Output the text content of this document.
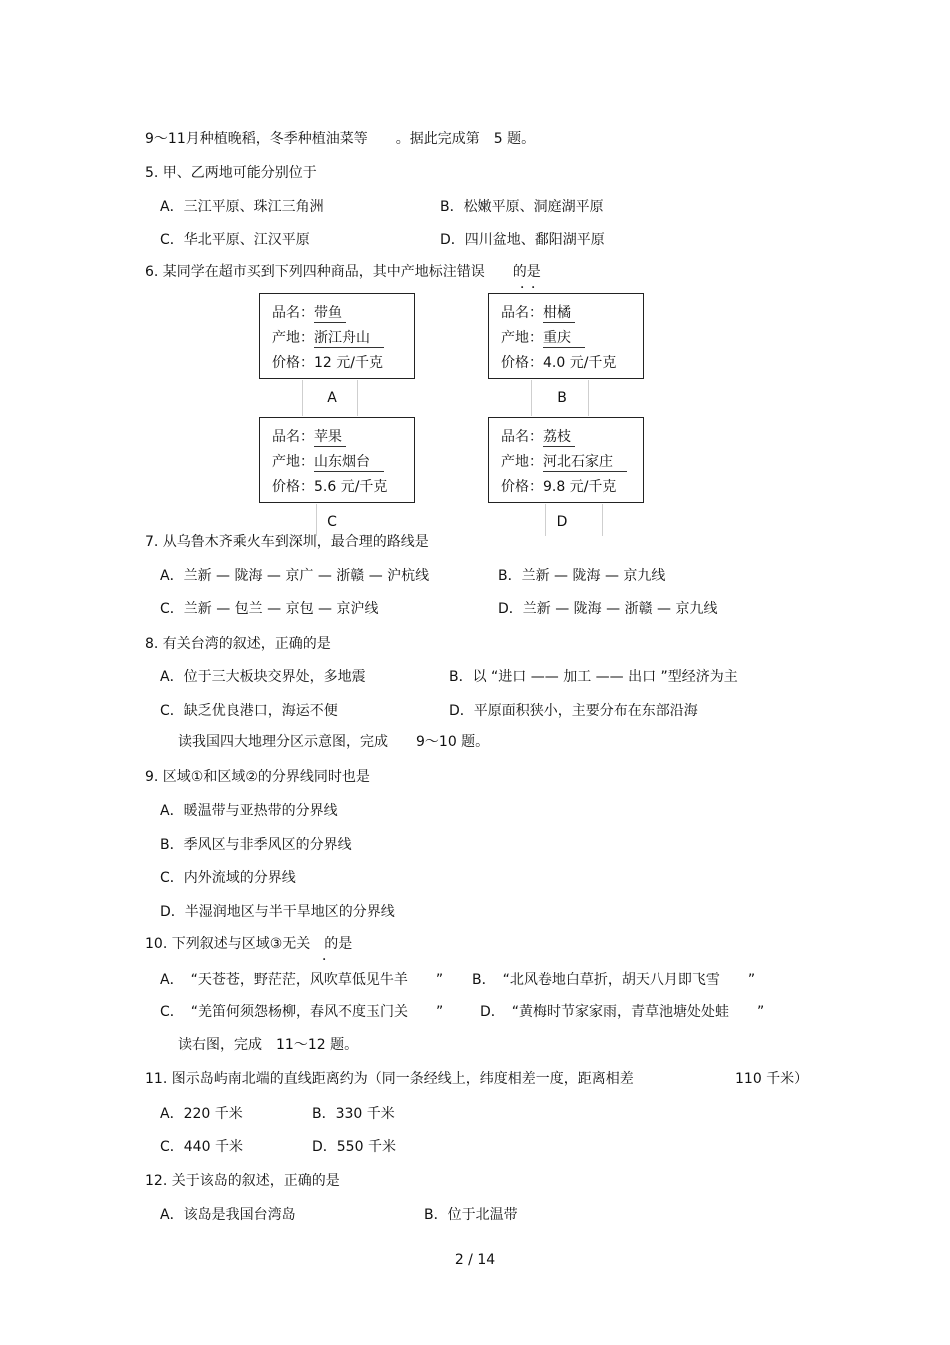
9～11月种植晚稻，冬季种植油菜等　　。据此完成第　5 题。
5. 甲、乙两地可能分别位于
A．三江平原、珠江三角洲	B．松嫩平原、洞庭湖平原
C．华北平原、江汉平原	D．四川盆地、鄱阳湖平原
6. 某同学在超市买到下列四种商品，其中产地标注错误　　的是
．．
品名：带鱼
产地：浙江舟山
价格：12 元/千克
品名：柑橘
产地：重庆
价格：4.0 元/千克
A	B
品名：苹果
产地：山东烟台
价格：5.6 元/千克
品名：荔枝
产地：河北石家庄
价格：9.8 元/千克
C	D
7. 从乌鲁木齐乘火车到深圳，最合理的路线是
A．兰新 — 陇海 — 京广 — 浙赣 — 沪杭线	B．兰新 — 陇海 — 京九线
C．兰新 — 包兰 — 京包 — 京沪线	D．兰新 — 陇海 — 浙赣 — 京九线
8. 有关台湾的叙述，正确的是
A．位于三大板块交界处，多地震	B．以 “进口 —— 加工 —— 出口 ”型经济为主
C．缺乏优良港口，海运不便	D．平原面积狭小，主要分布在东部沿海
读我国四大地理分区示意图，完成　　9～10 题。
9. 区域①和区域②的分界线同时也是
A．暖温带与亚热带的分界线
B．季风区与非季风区的分界线
C．内外流域的分界线
D．半湿润地区与半干旱地区的分界线
10. 下列叙述与区域③无关　的是
．
A．　“天苍苍，野茫茫，风吹草低见牛羊　　” B．　“北风卷地白草折，胡天八月即飞雪　　”
C．　“羌笛何须怨杨柳，春风不度玉门关　　”	D．　“黄梅时节家家雨，青草池塘处处蛙　　”
读右图，完成　11～12 题。
11. 图示岛屿南北端的直线距离约为（同一条经线上，纬度相差一度，距离相差	110 千米）
A．220 千米	B．330 千米
C．440 千米	D．550 千米
12. 关于该岛的叙述，正确的是
A．该岛是我国台湾岛	B．位于北温带
2 / 14
